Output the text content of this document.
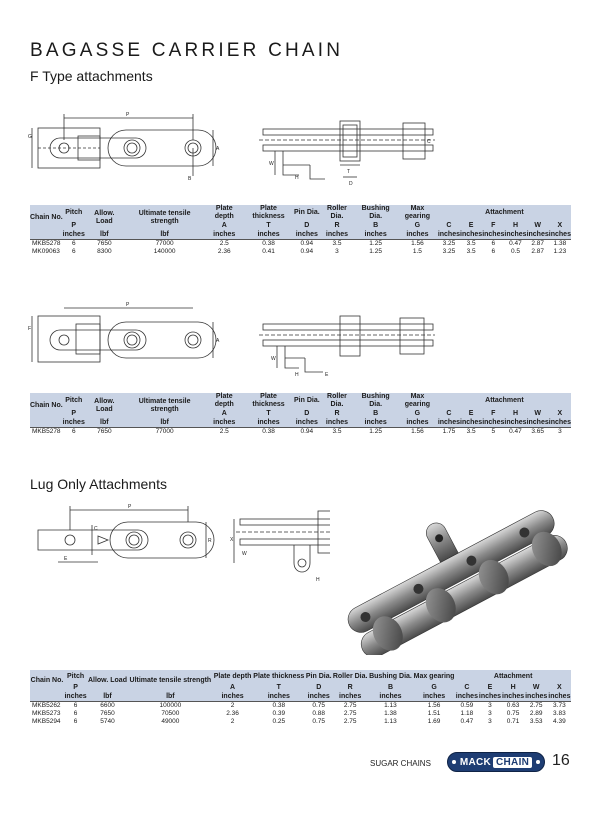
BAGASSE CARRIER CHAIN
F Type attachments
P
G
A
B
W
H
T
D
C
Chain No.	Pitch	Allow. Load	Ultimate tensile strength	Plate depth	Plate thickness	Pin Dia.	Roller Dia.	Bushing Dia.	Max gearing	Attachment					
	P			A	T	D	R	B	G	C	E	F	H	W	X
	inches	lbf	lbf	inches	inches	inches	inches	inches	inches	inches	inches	inches	inches	inches	inches
MKB5278	6	7650	77000	2.5	0.38	0.94	3.5	1.25	1.56	3.25	3.5	6	0.47	2.87	1.38
MK09063	6	8300	140000	2.36	0.41	0.94	3	1.25	1.5	3.25	3.5	6	0.5	2.87	1.23
P
F
A
W
H	E
Chain No.	Pitch	Allow. Load	Ultimate tensile strength	Plate depth	Plate thickness	Pin Dia.	Roller Dia.	Bushing Dia.	Max gearing	Attachment					
	P			A	T	D	R	B	G	C	E	F	H	W	X
	inches	lbf	lbf	inches	inches	inches	inches	inches	inches	inches	inches	inches	inches	inches	inches
MKB5278	6	7650	77000	2.5	0.38	0.94	3.5	1.25	1.56	1.75	3.5	5	0.47	3.65	3
Lug Only Attachments
P
C
R
E
X
W
H
Chain No.	Pitch	Allow. Load	Ultimate tensile strength	Plate depth	Plate thickness	Pin Dia.	Roller Dia.	Bushing Dia.	Max gearing	Attachment				
	P			A	T	D	R	B	G	C	E	H	W	X
	inches	lbf	lbf	inches	inches	inches	inches	inches	inches	inches	inches	inches	inches	inches
MKB5262	6	6600	100000	2	0.38	0.75	2.75	1.13	1.56	0.59	3	0.63	2.75	3.73
MKB5273	6	7650	70500	2.36	0.39	0.88	2.75	1.38	1.51	1.18	3	0.75	2.89	3.83
MKB5294	6	5740	49000	2	0.25	0.75	2.75	1.13	1.69	0.47	3	0.71	3.53	4.39
SUGAR CHAINS	MACK CHAIN 16
